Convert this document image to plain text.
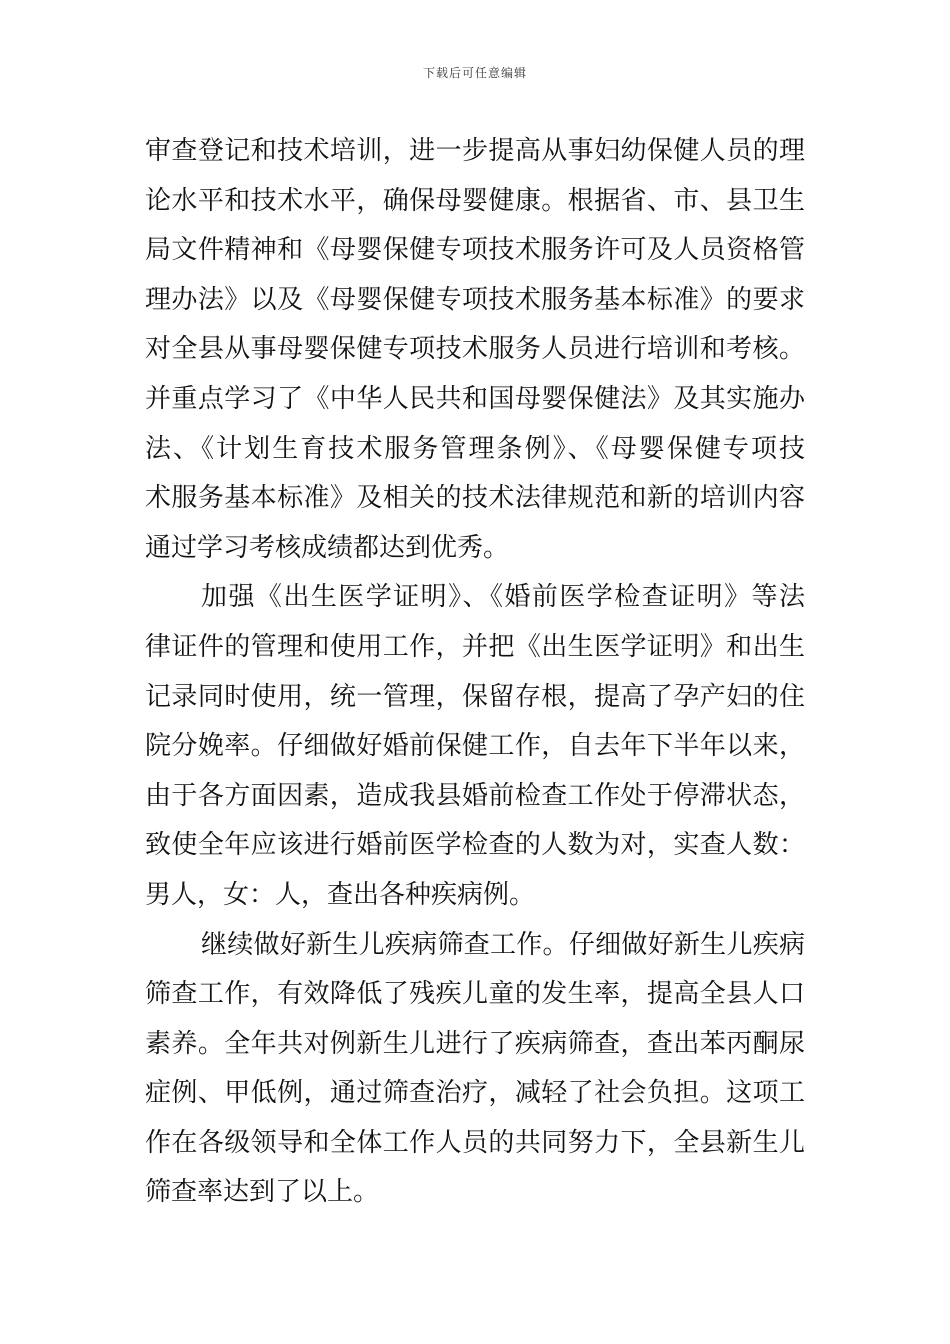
下载后可任意编辑
审查登记和技术培训，进一步提高从事妇幼保健人员的理
论水平和技术水平，确保母婴健康。根据省、市、县卫生
局文件精神和《母婴保健专项技术服务许可及人员资格管
理办法》以及《母婴保健专项技术服务基本标准》的要求
对全县从事母婴保健专项技术服务人员进行培训和考核。
并重点学习了《中华人民共和国母婴保健法》及其实施办
法、《计划生育技术服务管理条例》、《母婴保健专项技
术服务基本标准》及相关的技术法律规范和新的培训内容
通过学习考核成绩都达到优秀。
加强《出生医学证明》、《婚前医学检查证明》等法
律证件的管理和使用工作，并把《出生医学证明》和出生
记录同时使用，统一管理，保留存根，提高了孕产妇的住
院分娩率。仔细做好婚前保健工作，自去年下半年以来，
由于各方面因素，造成我县婚前检查工作处于停滞状态，
致使全年应该进行婚前医学检查的人数为对，实查人数：
男人，女：人，查出各种疾病例。
继续做好新生儿疾病筛查工作。仔细做好新生儿疾病
筛查工作，有效降低了残疾儿童的发生率，提高全县人口
素养。全年共对例新生儿进行了疾病筛查，查出苯丙酮尿
症例、甲低例，通过筛查治疗，减轻了社会负担。这项工
作在各级领导和全体工作人员的共同努力下，全县新生儿
筛查率达到了以上。
